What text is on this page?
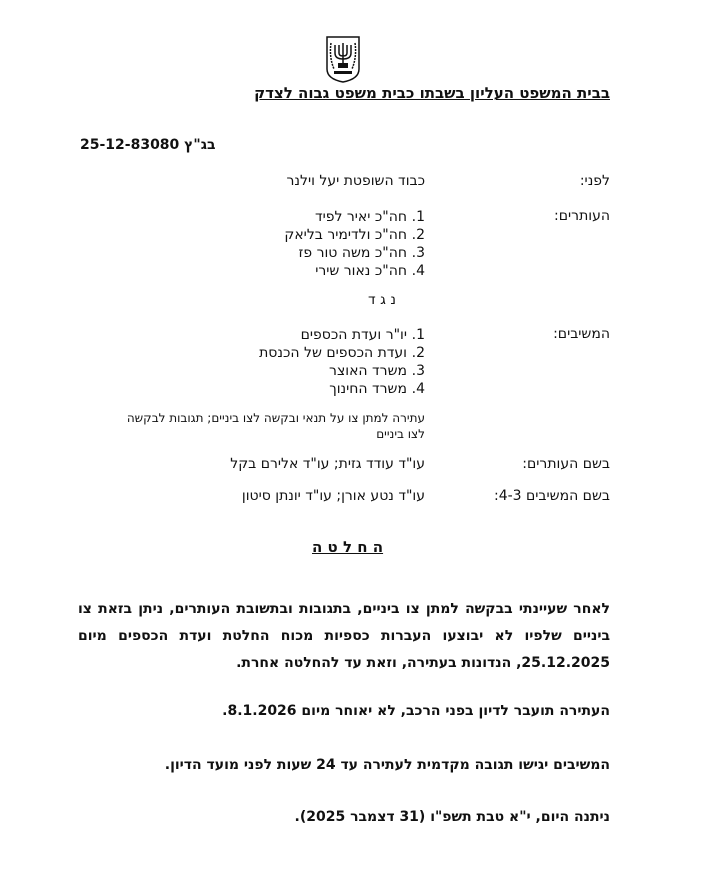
בבית המשפט העליון בשבתו כבית משפט גבוה לצדק
בג"ץ 25-12-83080
לפני:
כבוד השופטת יעל וילנר
העותרים:
1.חה"כ יאיר לפיד
2.חה"כ ולדימיר בליאק
3.חה"כ משה טור פז
4.חה"כ נאור שירי
נ ג ד
המשיבים:
1.יו"ר ועדת הכספים
2.ועדת הכספים של הכנסת
3.משרד האוצר
4.משרד החינוך
עתירה למתן צו על תנאי ובקשה לצו ביניים; תגובות לבקשה
לצו ביניים
בשם העותרים:
עו"ד עודד גזית; עו"ד אלירם בקל
בשם המשיבים 4-3:
עו"ד נטע אורן; עו"ד יונתן סיטון
ה ח ל ט ה
לאחר שעיינתי בבקשה למתן צו ביניים, בתגובות ובתשובת העותרים, ניתן בזאת צו ביניים שלפיו לא יבוצעו העברות כספיות מכוח החלטת ועדת הכספים מיום 25.12.2025, הנדונות בעתירה, וזאת עד להחלטה אחרת.
העתירה תועבר לדיון בפני הרכב, לא יאוחר מיום 8.1.2026.
המשיבים יגישו תגובה מקדמית לעתירה עד 24 שעות לפני מועד הדיון.
ניתנה היום, י"א טבת תשפ"ו (31 דצמבר 2025).
